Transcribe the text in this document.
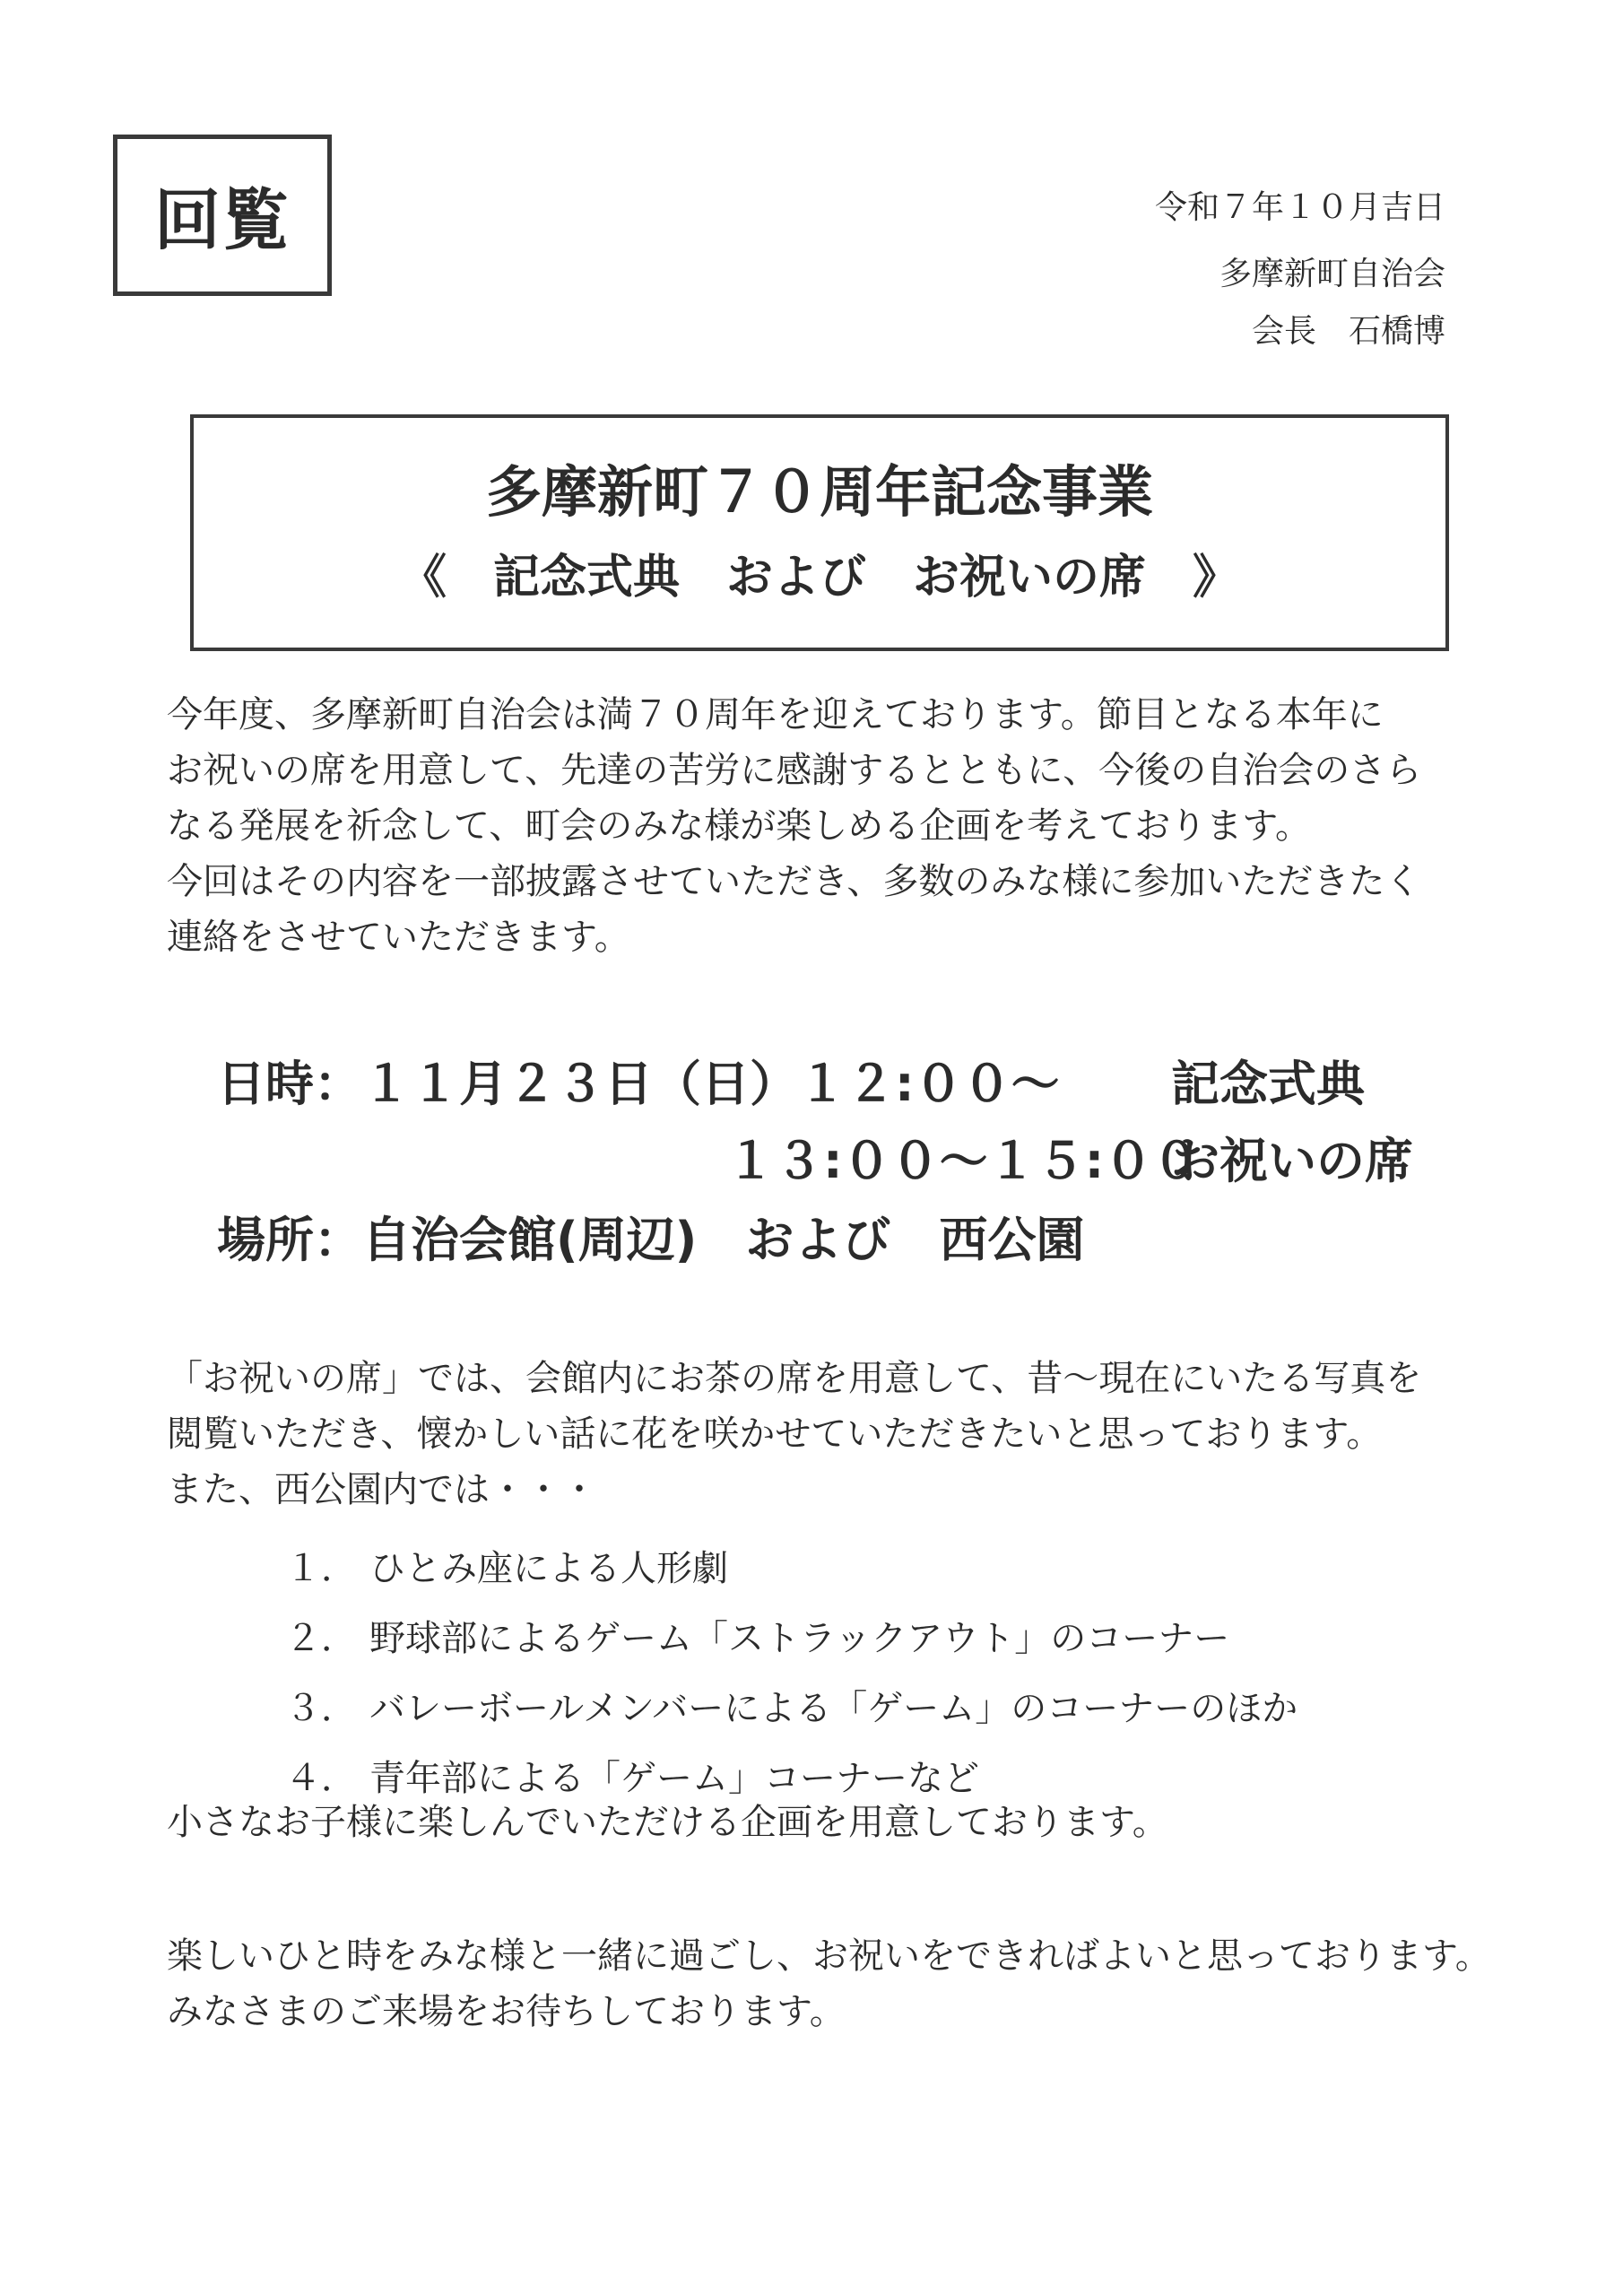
回覧	令和７年１０月吉日
多摩新町自治会
会長　石橋博
多摩新町７０周年記念事業
《　記念式典　および　お祝いの席　》
今年度、多摩新町自治会は満７０周年を迎えております。節目となる本年に
お祝いの席を用意して、先達の苦労に感謝するとともに、今後の自治会のさら
なる発展を祈念して、町会のみな様が楽しめる企画を考えております。
今回はその内容を一部披露させていただき、多数のみな様に参加いただきたく
連絡をさせていただきます。
日時：１１月２３日（日）１２:００～ 記念式典
１３:００～１５:００
お祝いの席
場所：自治会館(周辺)　および　西公園
「お祝いの席」では、会館内にお茶の席を用意して、昔～現在にいたる写真を
閲覧いただき、懐かしい話に花を咲かせていただきたいと思っております。
また、西公園内では・・・
１． ひとみ座による人形劇
２． 野球部によるゲーム「ストラックアウト」のコーナー
３． バレーボールメンバーによる「ゲーム」のコーナーのほか
４． 青年部による「ゲーム」コーナーなど
小さなお子様に楽しんでいただける企画を用意しております。
楽しいひと時をみな様と一緒に過ごし、お祝いをできればよいと思っております。
みなさまのご来場をお待ちしております。
